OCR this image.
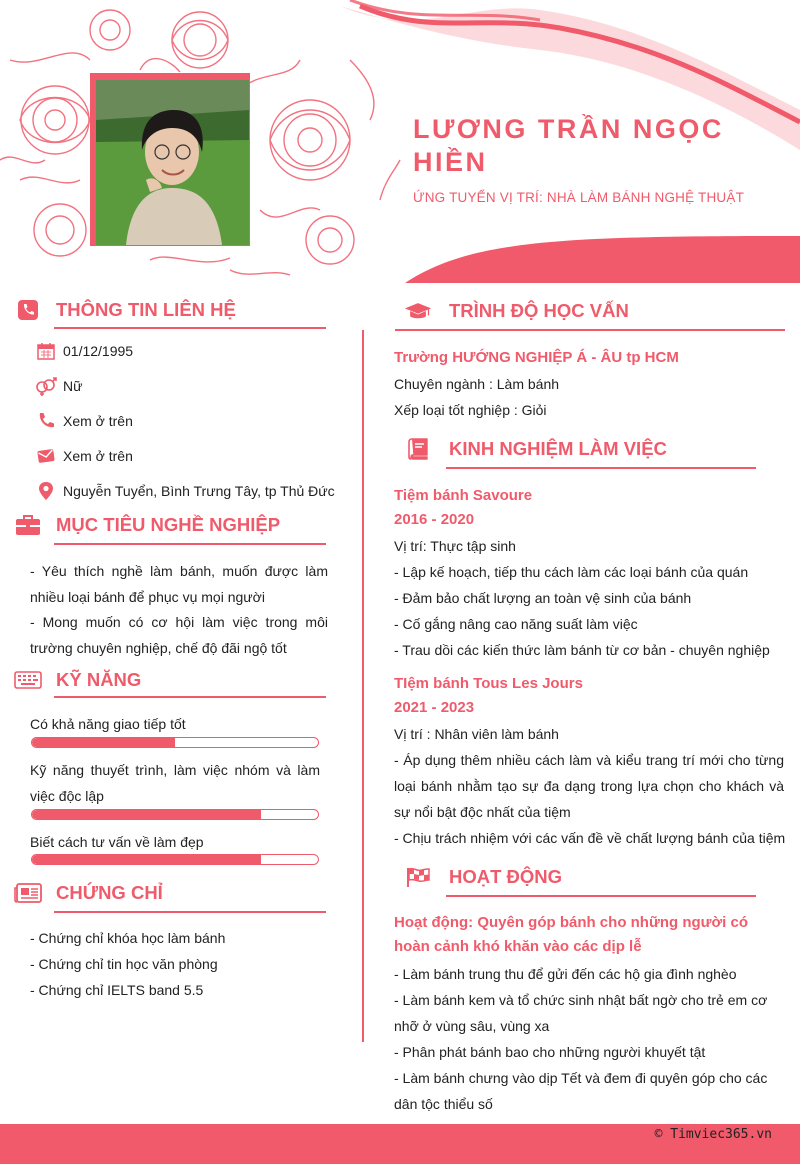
LƯƠNG TRẦN NGỌC HIỀN
ỨNG TUYỂN VỊ TRÍ: NHÀ LÀM BÁNH NGHỆ THUẬT
THÔNG TIN LIÊN HỆ
01/12/1995
Nữ
Xem ở trên
Xem ở trên
Nguyễn Tuyển, Bình Trưng Tây, tp Thủ Đức
MỤC TIÊU NGHỀ NGHIỆP
- Yêu thích nghề làm bánh, muốn được làm nhiều loại bánh để phục vụ mọi người
- Mong muốn có cơ hội làm việc trong môi trường chuyên nghiệp, chế độ đãi ngộ tốt
KỸ NĂNG
Có khả năng giao tiếp tốt
Kỹ năng thuyết trình, làm việc nhóm và làm việc độc lập
Biết cách tư vấn về làm đẹp
CHỨNG CHỈ
- Chứng chỉ khóa học làm bánh
- Chứng chỉ tin học văn phòng
- Chứng chỉ IELTS band 5.5
TRÌNH ĐỘ HỌC VẤN
Trường HƯỚNG NGHIỆP Á - ÂU tp HCM
Chuyên ngành : Làm bánh
Xếp loại tốt nghiệp : Giỏi
KINH NGHIỆM LÀM VIỆC
Tiệm bánh Savoure
2016 - 2020
Vị trí: Thực tập sinh
- Lập kế hoạch, tiếp thu cách làm các loại bánh của quán
- Đảm bảo chất lượng an toàn vệ sinh của bánh
- Cố gắng nâng cao năng suất làm việc
- Trau dồi các kiến thức làm bánh từ cơ bản - chuyên nghiệp
TIệm bánh Tous Les Jours
2021 - 2023
Vị trí : Nhân viên làm bánh
- Áp dụng thêm nhiều cách làm và kiểu trang trí mới cho từng loại bánh nhằm tạo sự đa dạng trong lựa chọn cho khách và sự nổi bật độc nhất của tiệm
- Chịu trách nhiệm với các vấn đề về chất lượng bánh của tiệm
HOẠT ĐỘNG
Hoạt động: Quyên góp bánh cho những người có hoàn cảnh khó khăn vào các dịp lễ
- Làm bánh trung thu để gửi đến các hộ gia đình nghèo
- Làm bánh kem và tổ chức sinh nhật bất ngờ cho trẻ em cơ nhỡ ở vùng sâu, vùng xa
- Phân phát bánh bao cho những người khuyết tật
- Làm bánh chưng vào dịp Tết và đem đi quyên góp cho các dân tộc thiểu số
© Timviec365.vn
